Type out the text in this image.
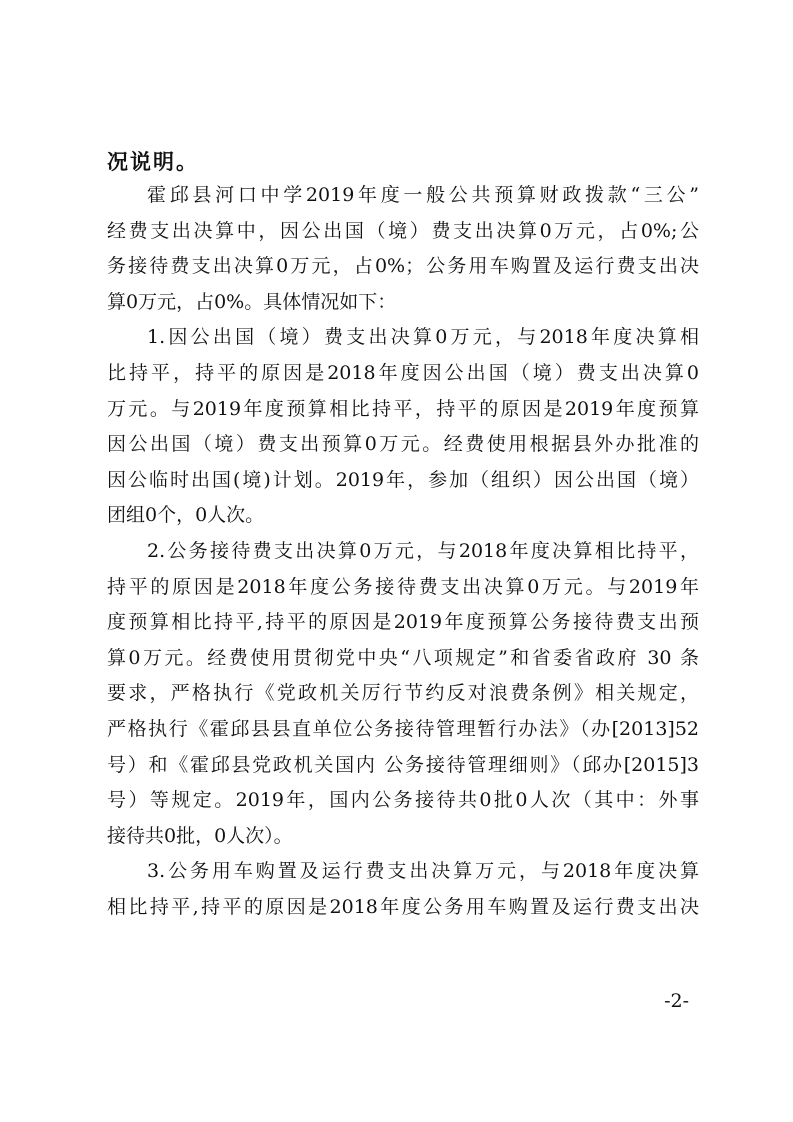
况说明。
霍邱县河口中学2019年度一般公共预算财政拨款“三公”
经费支出决算中，因公出国（境）费支出决算0万元，占0%;公
务接待费支出决算0万元，占0%；公务用车购置及运行费支出决
算0万元，占0%。具体情况如下：
1.因公出国（境）费支出决算0万元，与2018年度决算相
比持平，持平的原因是2018年度因公出国（境）费支出决算0
万元。与2019年度预算相比持平，持平的原因是2019年度预算
因公出国（境）费支出预算0万元。经费使用根据县外办批准的
因公临时出国(境)计划。2019年，参加（组织）因公出国（境）
团组0个，0人次。
2.公务接待费支出决算0万元，与2018年度决算相比持平，
持平的原因是2018年度公务接待费支出决算0万元。与2019年
度预算相比持平,持平的原因是2019年度预算公务接待费支出预
算0万元。经费使用贯彻党中央“八项规定”和省委省政府 30 条
要求，严格执行《党政机关厉行节约反对浪费条例》相关规定，
严格执行《霍邱县县直单位公务接待管理暂行办法》（办[2013]52
号）和《霍邱县党政机关国内 公务接待管理细则》（邱办[2015]3
号）等规定。2019年，国内公务接待共0批0人次（其中：外事
接待共0批，0人次）。
3.公务用车购置及运行费支出决算万元，与2018年度决算
相比持平,持平的原因是2018年度公务用车购置及运行费支出决
-2-
